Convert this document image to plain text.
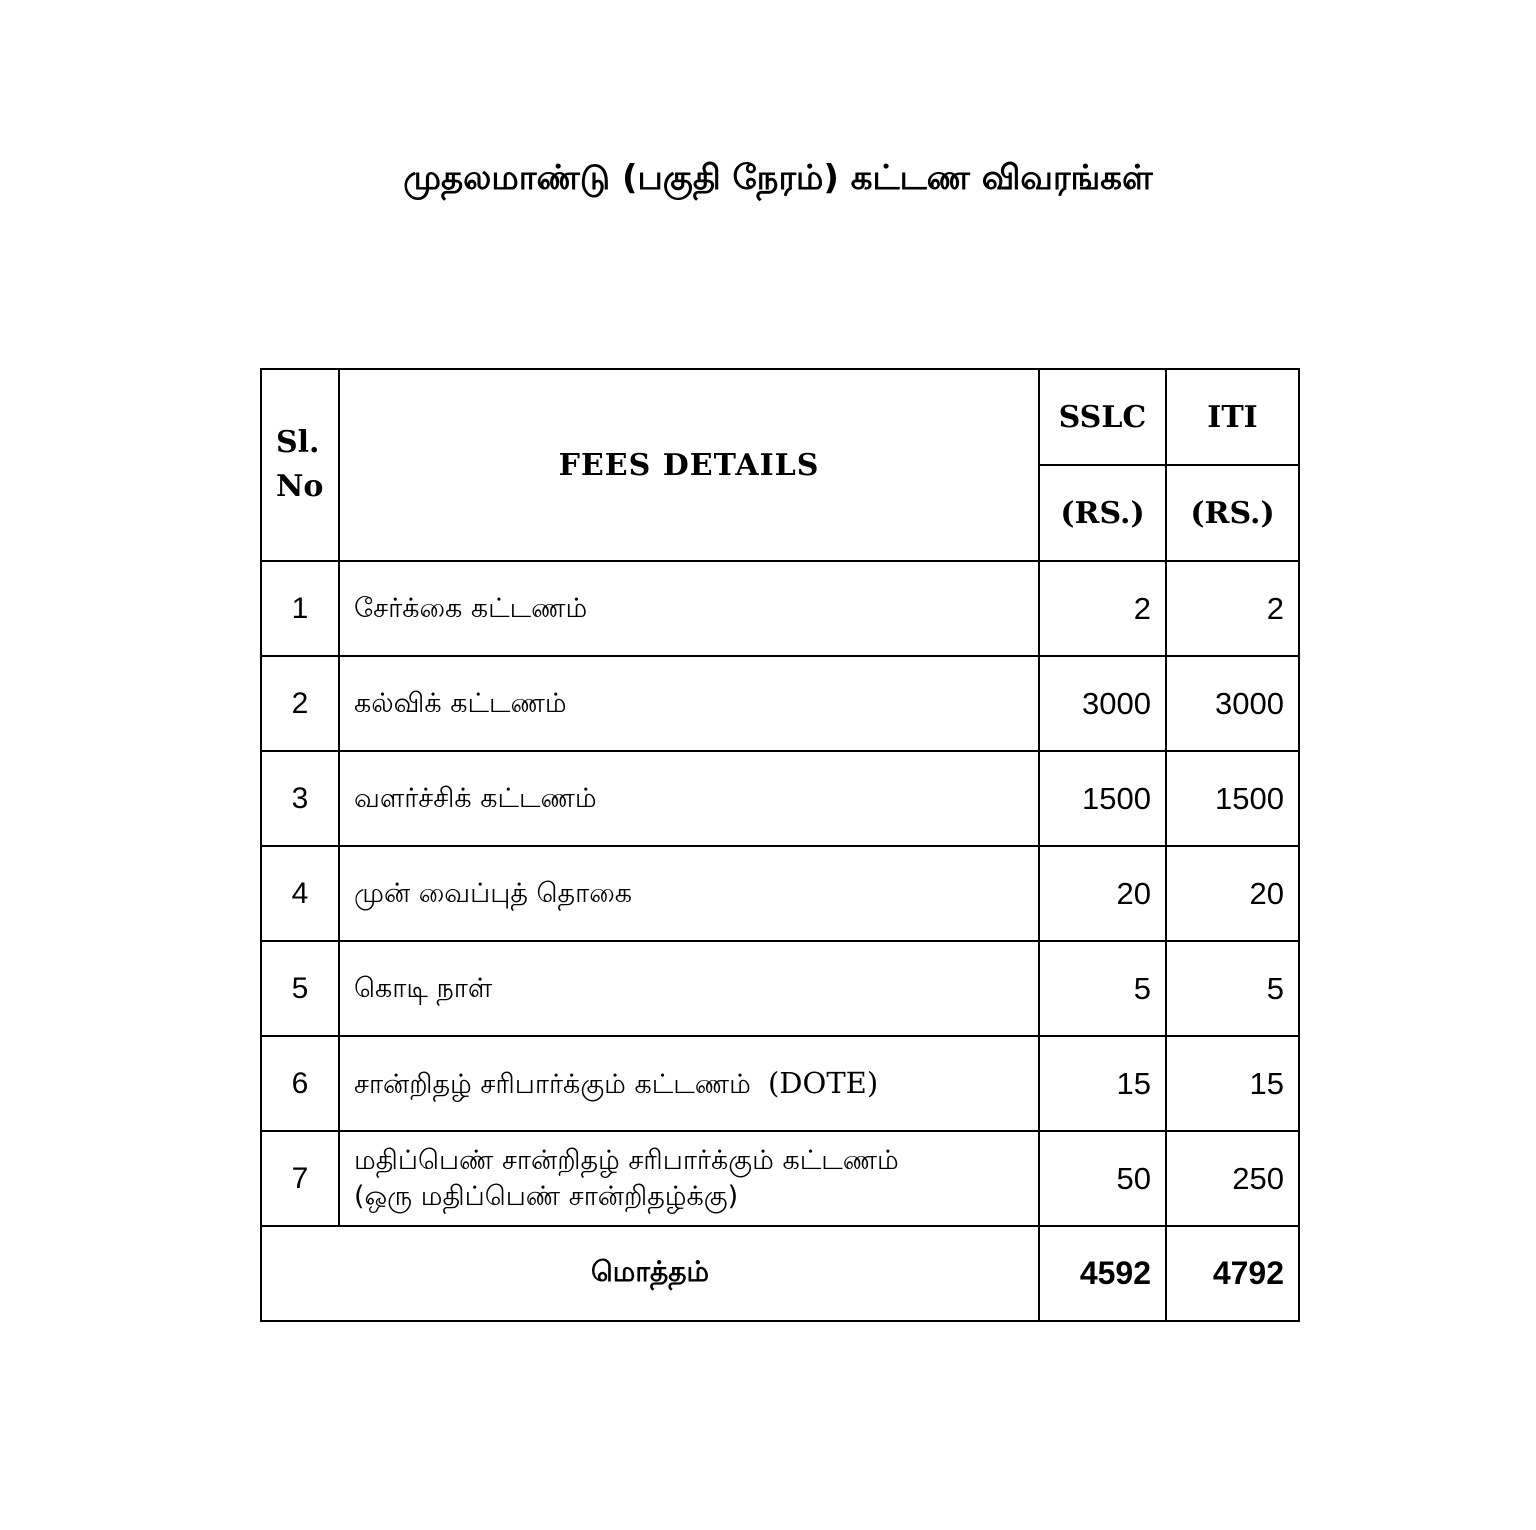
முதலமாண்டு (பகுதி நேரம்) கட்டண விவரங்கள்
Sl.
No	FEES DETAILS	SSLC	ITI
		(RS.)	(RS.)
1	சேர்க்கை கட்டணம்	2	2
2	கல்விக் கட்டணம்	3000	3000
3	வளர்ச்சிக் கட்டணம்	1500	1500
4	முன் வைப்புத் தொகை	20	20
5	கொடி நாள்	5	5
6	சான்றிதழ் சரிபார்க்கும் கட்டணம் (DOTE)	15	15
7	மதிப்பெண் சான்றிதழ் சரிபார்க்கும் கட்டணம்
(ஒரு மதிப்பெண் சான்றிதழ்க்கு)	50	250
மொத்தம்		4592	4792
